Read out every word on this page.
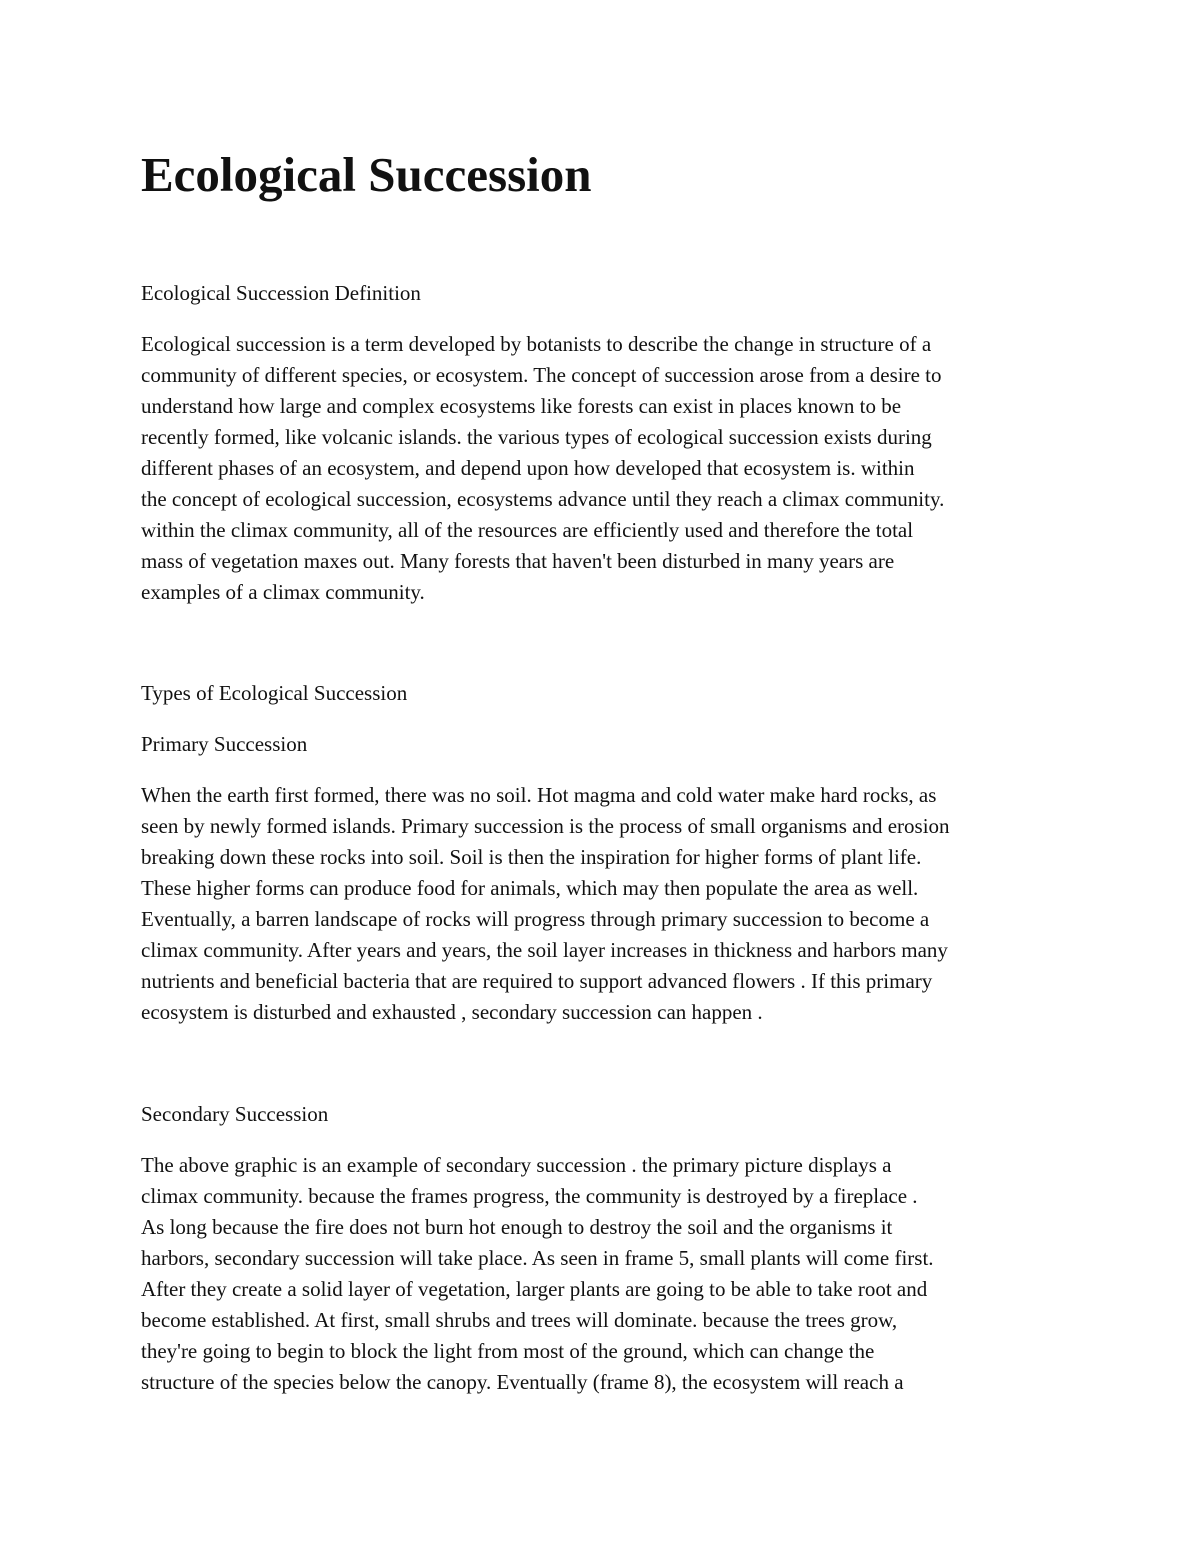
Ecological Succession

Ecological Succession Definition

Ecological succession is a term developed by botanists to describe the change in structure of a

community of different species, or ecosystem. The concept of succession arose from a desire to

understand how large and complex ecosystems like forests can exist in places known to be

recently formed, like volcanic islands. the various types of ecological succession exists during

different phases of an ecosystem, and depend upon how developed that ecosystem is. within

the concept of ecological succession, ecosystems advance until they reach a climax community.

within the climax community, all of the resources are efficiently used and therefore the total

mass of vegetation maxes out. Many forests that haven't been disturbed in many years are

examples of a climax community.

Types of Ecological Succession

Primary Succession

When the earth first formed, there was no soil. Hot magma and cold water make hard rocks, as

seen by newly formed islands. Primary succession is the process of small organisms and erosion

breaking down these rocks into soil. Soil is then the inspiration for higher forms of plant life.

These higher forms can produce food for animals, which may then populate the area as well.

Eventually, a barren landscape of rocks will progress through primary succession to become a

climax community. After years and years, the soil layer increases in thickness and harbors many

nutrients and beneficial bacteria that are required to support advanced flowers . If this primary

ecosystem is disturbed and exhausted , secondary succession can happen .

Secondary Succession

The above graphic is an example of secondary succession . the primary picture displays a

climax community. because the frames progress, the community is destroyed by a fireplace .

As long because the fire does not burn hot enough to destroy the soil and the organisms it

harbors, secondary succession will take place. As seen in frame 5, small plants will come first.

After they create a solid layer of vegetation, larger plants are going to be able to take root and

become established. At first, small shrubs and trees will dominate. because the trees grow,

they're going to begin to block the light from most of the ground, which can change the

structure of the species below the canopy. Eventually (frame 8), the ecosystem will reach a
